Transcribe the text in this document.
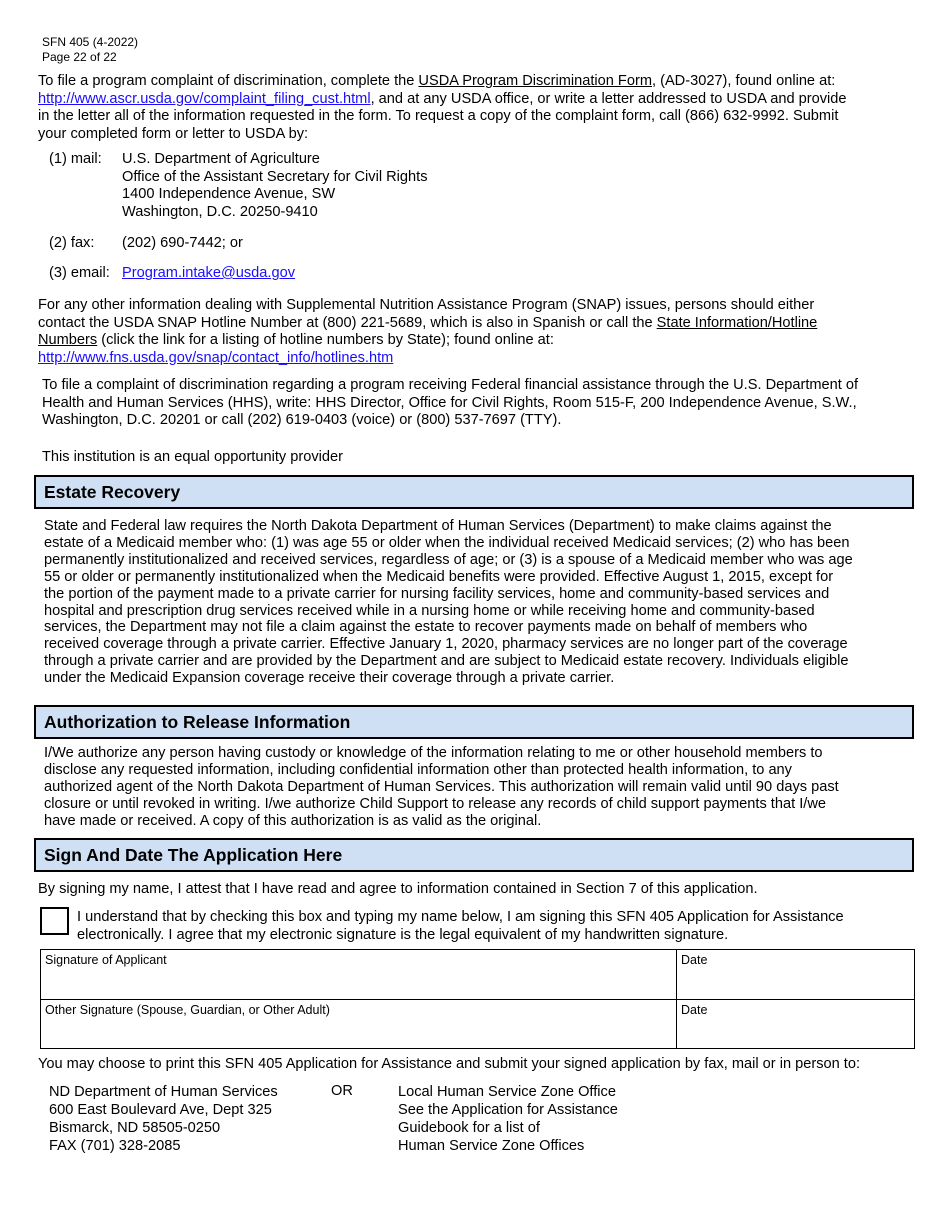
SFN 405 (4-2022)
Page 22 of 22
To file a program complaint of discrimination, complete the USDA Program Discrimination Form, (AD-3027), found online at:
http://www.ascr.usda.gov/complaint_filing_cust.html, and at any USDA office, or write a letter addressed to USDA and provide
in the letter all of the information requested in the form. To request a copy of the complaint form, call (866) 632-9992. Submit
your completed form or letter to USDA by:
(1) mail: U.S. Department of Agriculture
Office of the Assistant Secretary for Civil Rights
1400 Independence Avenue, SW
Washington, D.C. 20250-9410
(2) fax: (202) 690-7442; or
(3) email: Program.intake@usda.gov
For any other information dealing with Supplemental Nutrition Assistance Program (SNAP) issues, persons should either
contact the USDA SNAP Hotline Number at (800) 221-5689, which is also in Spanish or call the State Information/Hotline
Numbers (click the link for a listing of hotline numbers by State); found online at:
http://www.fns.usda.gov/snap/contact_info/hotlines.htm
To file a complaint of discrimination regarding a program receiving Federal financial assistance through the U.S. Department of
Health and Human Services (HHS), write: HHS Director, Office for Civil Rights, Room 515-F, 200 Independence Avenue, S.W.,
Washington, D.C. 20201 or call (202) 619-0403 (voice) or (800) 537-7697 (TTY).
This institution is an equal opportunity provider
Estate Recovery
State and Federal law requires the North Dakota Department of Human Services (Department) to make claims against the
estate of a Medicaid member who: (1) was age 55 or older when the individual received Medicaid services; (2) who has been
permanently institutionalized and received services, regardless of age; or (3) is a spouse of a Medicaid member who was age
55 or older or permanently institutionalized when the Medicaid benefits were provided. Effective August 1, 2015, except for
the portion of the payment made to a private carrier for nursing facility services, home and community-based services and
hospital and prescription drug services received while in a nursing home or while receiving home and community-based
services, the Department may not file a claim against the estate to recover payments made on behalf of members who
received coverage through a private carrier. Effective January 1, 2020, pharmacy services are no longer part of the coverage
through a private carrier and are provided by the Department and are subject to Medicaid estate recovery. Individuals eligible
under the Medicaid Expansion coverage receive their coverage through a private carrier.
Authorization to Release Information
I/We authorize any person having custody or knowledge of the information relating to me or other household members to
disclose any requested information, including confidential information other than protected health information, to any
authorized agent of the North Dakota Department of Human Services. This authorization will remain valid until 90 days past
closure or until revoked in writing. I/we authorize Child Support to release any records of child support payments that I/we
have made or received. A copy of this authorization is as valid as the original.
Sign And Date The Application Here
By signing my name, I attest that I have read and agree to information contained in Section 7 of this application.
I understand that by checking this box and typing my name below, I am signing this SFN 405 Application for Assistance
electronically. I agree that my electronic signature is the legal equivalent of my handwritten signature.
Signature of Applicant	Date
Other Signature (Spouse, Guardian, or Other Adult)	Date
You may choose to print this SFN 405 Application for Assistance and submit your signed application by fax, mail or in person to:
ND Department of Human Services
600 East Boulevard Ave, Dept 325
Bismarck, ND 58505-0250
FAX (701) 328-2085
OR	Local Human Service Zone Office
See the Application for Assistance
Guidebook for a list of
Human Service Zone Offices
